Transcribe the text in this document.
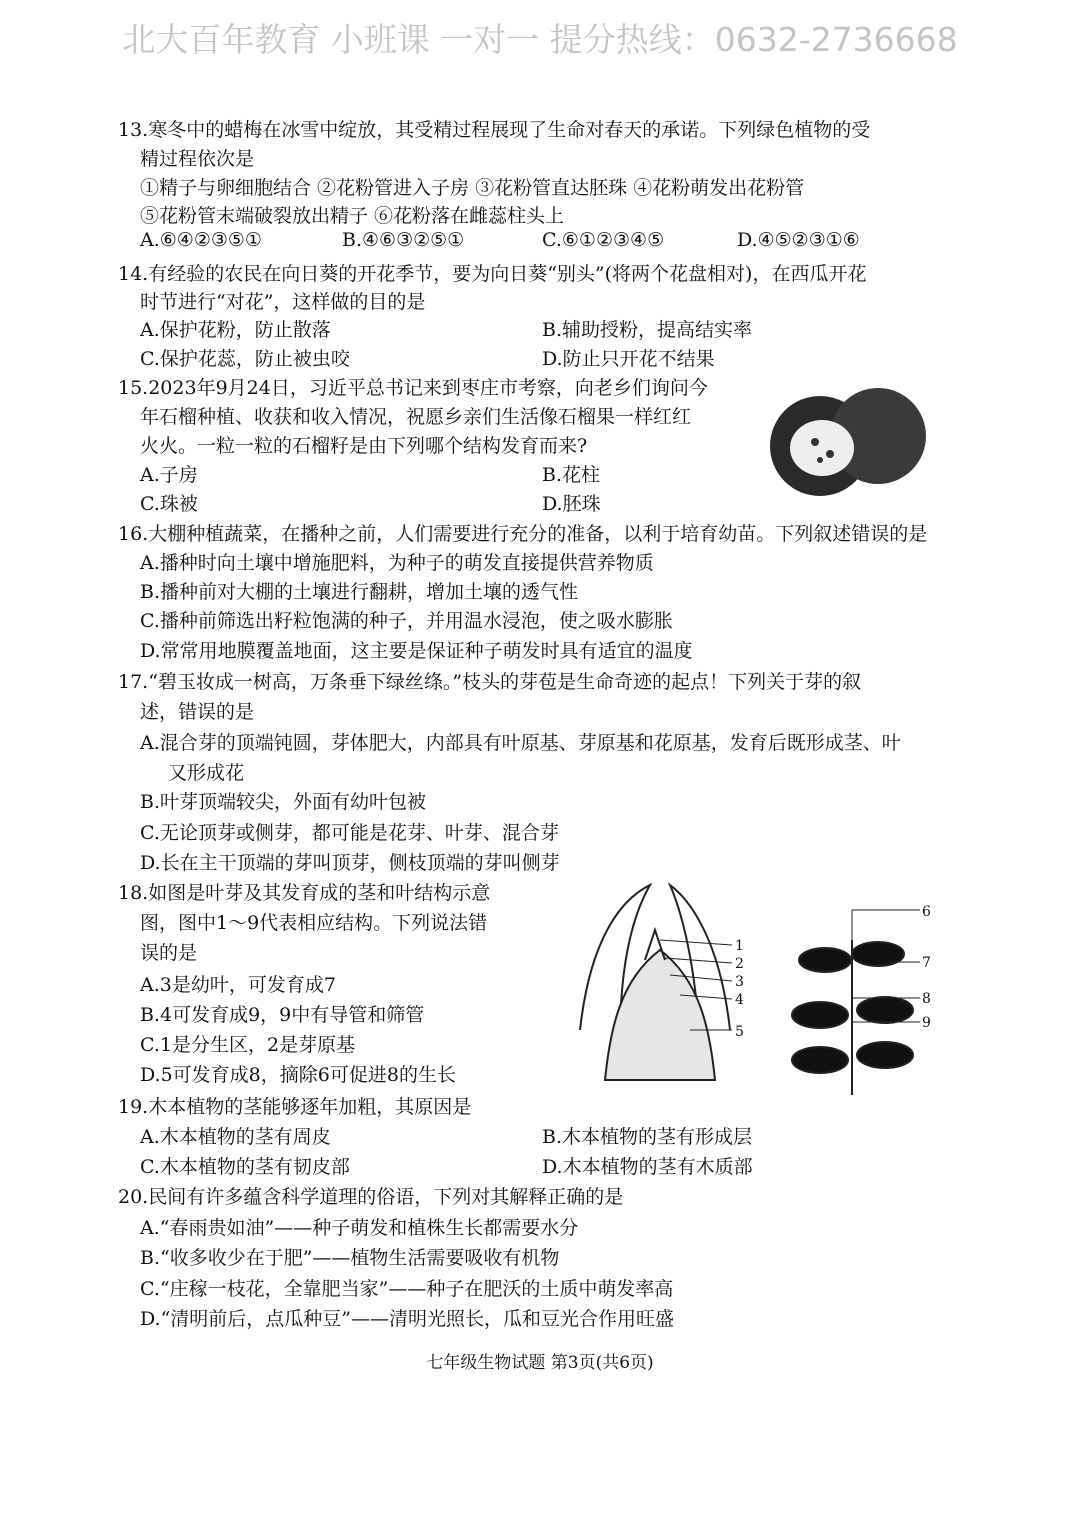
北大百年教育 小班课 一对一 提分热线：0632-2736668
13.寒冬中的蜡梅在冰雪中绽放，其受精过程展现了生命对春天的承诺。下列绿色植物的受
精过程依次是
①精子与卵细胞结合 ②花粉管进入子房 ③花粉管直达胚珠 ④花粉萌发出花粉管
⑤花粉管末端破裂放出精子 ⑥花粉落在雌蕊柱头上
A.⑥④②③⑤①	B.④⑥③②⑤①	C.⑥①②③④⑤	D.④⑤②③①⑥
14.有经验的农民在向日葵的开花季节，要为向日葵“别头”(将两个花盘相对)，在西瓜开花
时节进行“对花”，这样做的目的是
A.保护花粉，防止散落	B.辅助授粉，提高结实率
C.保护花蕊，防止被虫咬	D.防止只开花不结果
15.2023年9月24日，习近平总书记来到枣庄市考察，向老乡们询问今
年石榴种植、收获和收入情况，祝愿乡亲们生活像石榴果一样红红
火火。一粒一粒的石榴籽是由下列哪个结构发育而来?
A.子房	B.花柱
C.珠被	D.胚珠
16.大棚种植蔬菜，在播种之前，人们需要进行充分的准备，以利于培育幼苗。下列叙述错误的是
A.播种时向土壤中增施肥料，为种子的萌发直接提供营养物质
B.播种前对大棚的土壤进行翻耕，增加土壤的透气性
C.播种前筛选出籽粒饱满的种子，并用温水浸泡，使之吸水膨胀
D.常常用地膜覆盖地面，这主要是保证种子萌发时具有适宜的温度
17.“碧玉妆成一树高，万条垂下绿丝绦。”枝头的芽苞是生命奇迹的起点！下列关于芽的叙
述，错误的是
A.混合芽的顶端钝圆，芽体肥大，内部具有叶原基、芽原基和花原基，发育后既形成茎、叶
又形成花
B.叶芽顶端较尖，外面有幼叶包被
C.无论顶芽或侧芽，都可能是花芽、叶芽、混合芽
D.长在主干顶端的芽叫顶芽，侧枝顶端的芽叫侧芽
18.如图是叶芽及其发育成的茎和叶结构示意
图，图中1～9代表相应结构。下列说法错
误的是
A.3是幼叶，可发育成7
B.4可发育成9，9中有导管和筛管
C.1是分生区，2是芽原基
D.5可发育成8，摘除6可促进8的生长
19.木本植物的茎能够逐年加粗，其原因是
A.木本植物的茎有周皮	B.木本植物的茎有形成层
C.木本植物的茎有韧皮部	D.木本植物的茎有木质部
20.民间有许多蕴含科学道理的俗语，下列对其解释正确的是
A.“春雨贵如油”——种子萌发和植株生长都需要水分
B.“收多收少在于肥”——植物生活需要吸收有机物
C.“庄稼一枝花，全靠肥当家”——种子在肥沃的土质中萌发率高
D.“清明前后，点瓜种豆”——清明光照长，瓜和豆光合作用旺盛
1
2
3
4
5
6
7
8
9
七年级生物试题 第3页(共6页)
